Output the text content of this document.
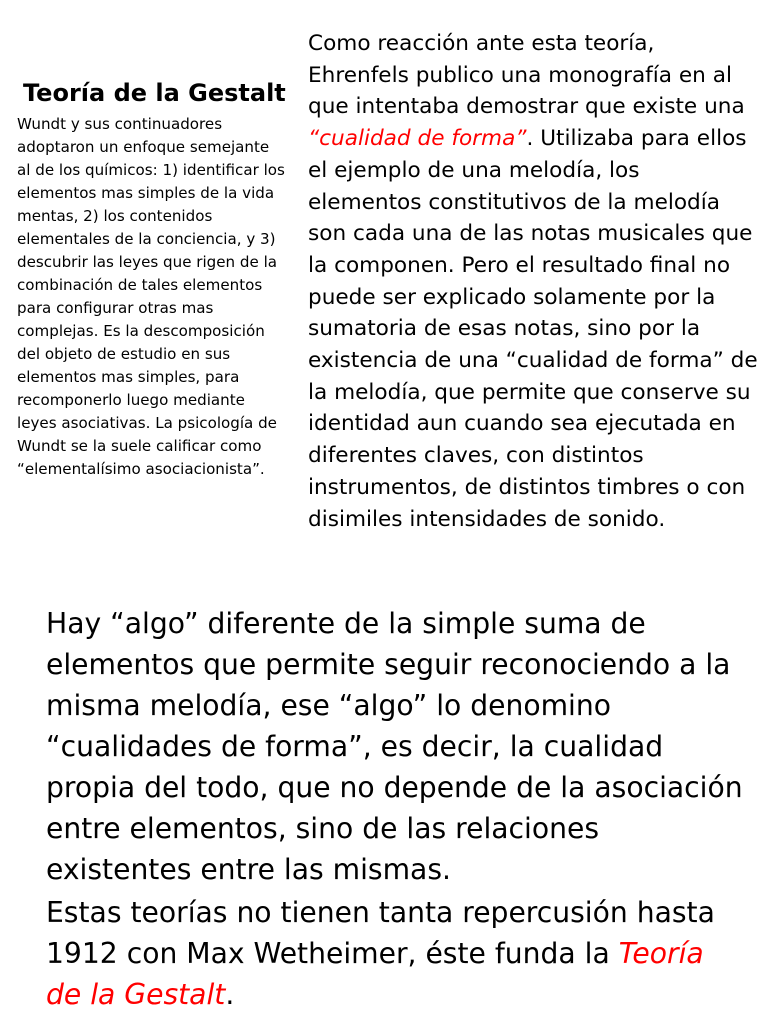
Teoría de la Gestalt

Wundt y sus continuadores adoptaron un enfoque semejante al de los químicos: 1) identificar los elementos mas simples de la vida mentas, 2) los contenidos elementales de la conciencia, y 3) descubrir las leyes que rigen de la combinación de tales elementos para configurar otras mas complejas. Es la descomposición del objeto de estudio en sus elementos mas simples, para recomponerlo luego mediante leyes asociativas. La psicología de Wundt se la suele calificar como “elementalísimo asociacionista”.

Como reacción ante esta teoría, Ehrenfels publico una monografía en al que intentaba demostrar que existe una “cualidad de forma”. Utilizaba para ellos el ejemplo de una melodía, los elementos constitutivos de la melodía son cada una de las notas musicales que la componen. Pero el resultado final no puede ser explicado solamente por la sumatoria de esas notas, sino por la existencia de una “cualidad de forma” de la melodía, que permite que conserve su identidad aun cuando sea ejecutada en diferentes claves, con distintos instrumentos, de distintos timbres o con disimiles intensidades de sonido.

Hay “algo” diferente de la simple suma de elementos que permite seguir reconociendo a la misma melodía, ese “algo” lo denomino “cualidades de forma”, es decir, la cualidad propia del todo, que no depende de la asociación entre elementos, sino de las relaciones existentes entre las mismas.

Estas teorías no tienen tanta repercusión hasta 1912 con Max Wetheimer, éste funda la Teoría de la Gestalt.
